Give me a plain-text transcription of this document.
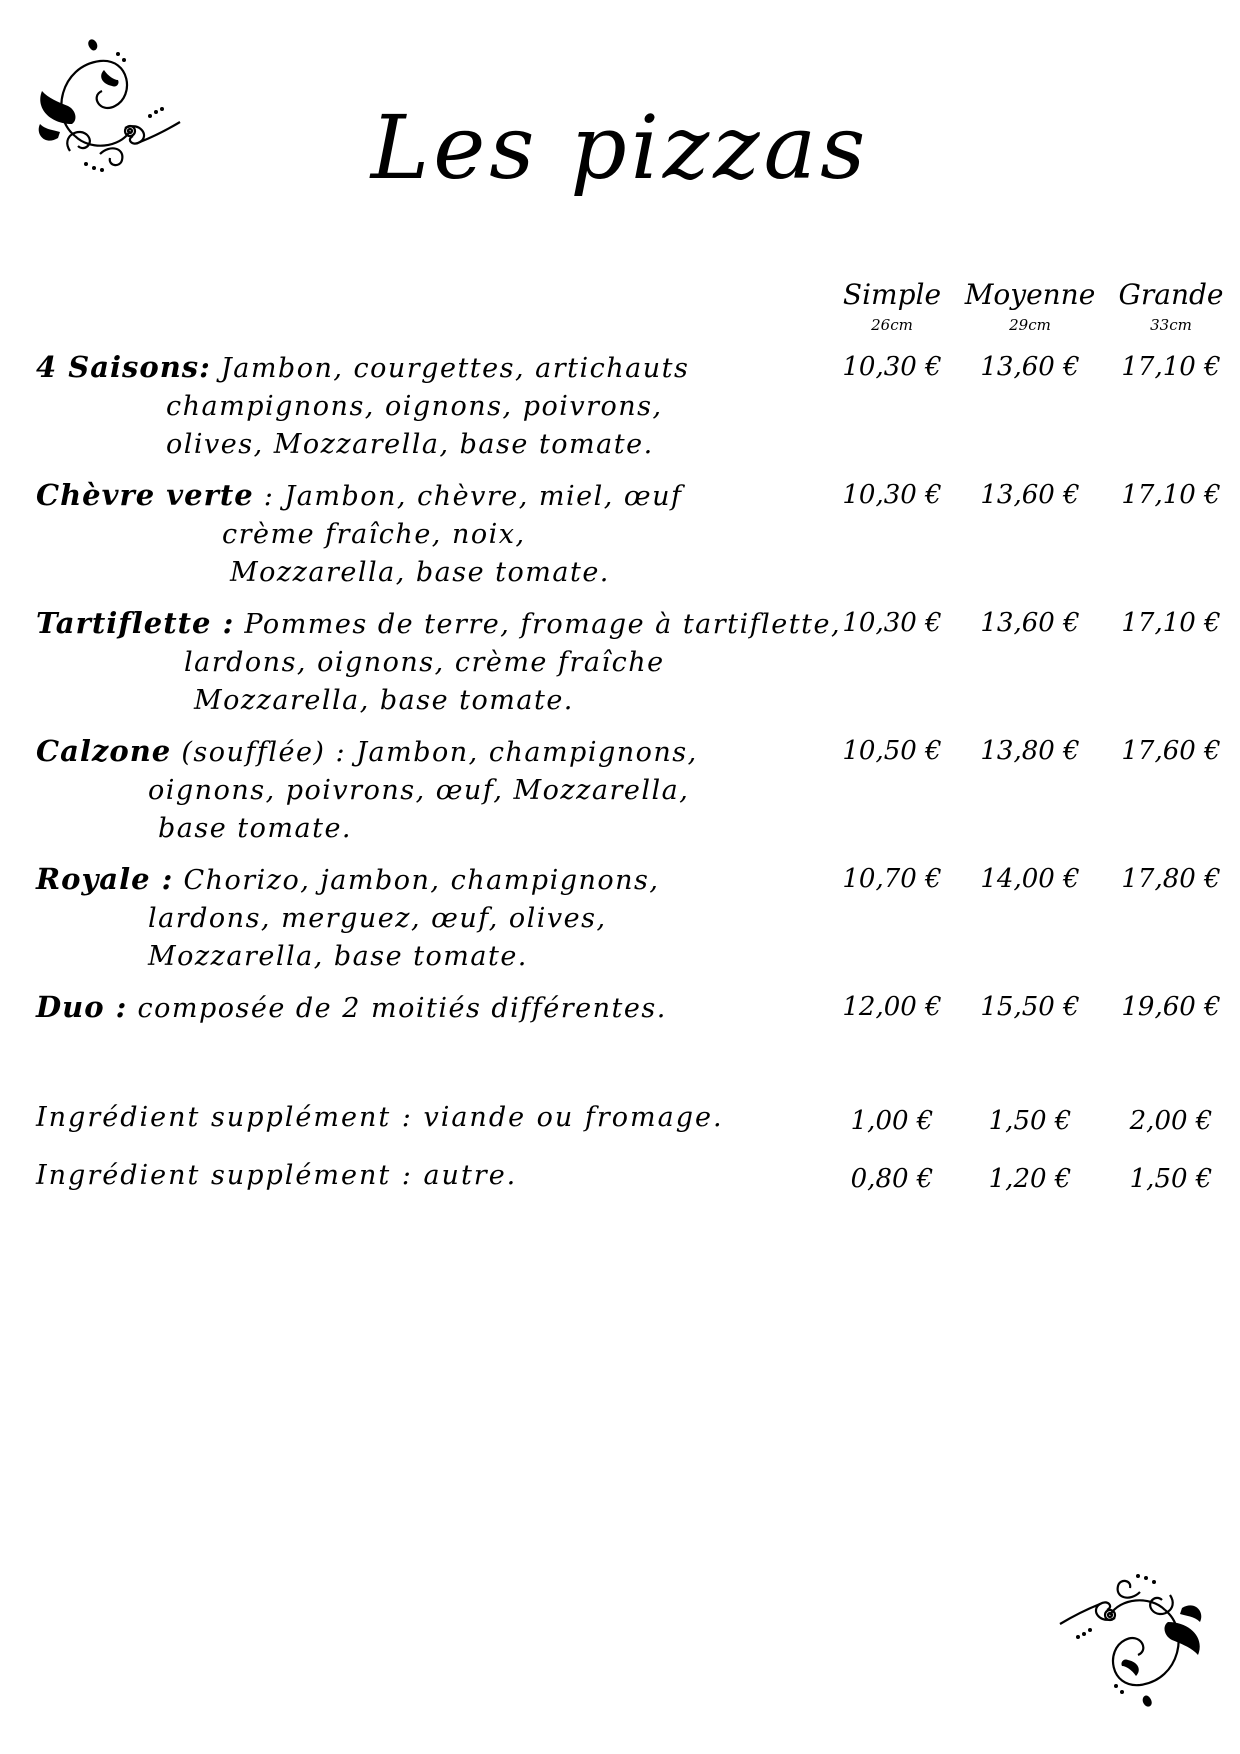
Les pizzas
Simple Moyenne Grande
26cm	29cm	33cm
4 Saisons: Jambon, courgettes, artichauts
champignons, oignons, poivrons,
olives, Mozzarella, base tomate.
10,30 €	13,60 €	17,10 €
Chèvre verte : Jambon, chèvre, miel, œuf
crème fraîche, noix,
Mozzarella, base tomate.
10,30 €	13,60 €	17,10 €
Tartiflette : Pommes de terre, fromage à tartiflette,
lardons, oignons, crème fraîche
Mozzarella, base tomate.
10,30 €	13,60 €	17,10 €
Calzone (soufflée) : Jambon, champignons,
oignons, poivrons, œuf, Mozzarella,
base tomate.
10,50 €	13,80 €	17,60 €
Royale : Chorizo, jambon, champignons,
lardons, merguez, œuf, olives,
Mozzarella, base tomate.
10,70 €	14,00 €	17,80 €
Duo : composée de 2 moitiés différentes.	12,00 €	15,50 €	19,60 €
Ingrédient supplément : viande ou fromage.	1,00 €	1,50 €	2,00 €
Ingrédient supplément : autre.	0,80 €	1,20 €	1,50 €
